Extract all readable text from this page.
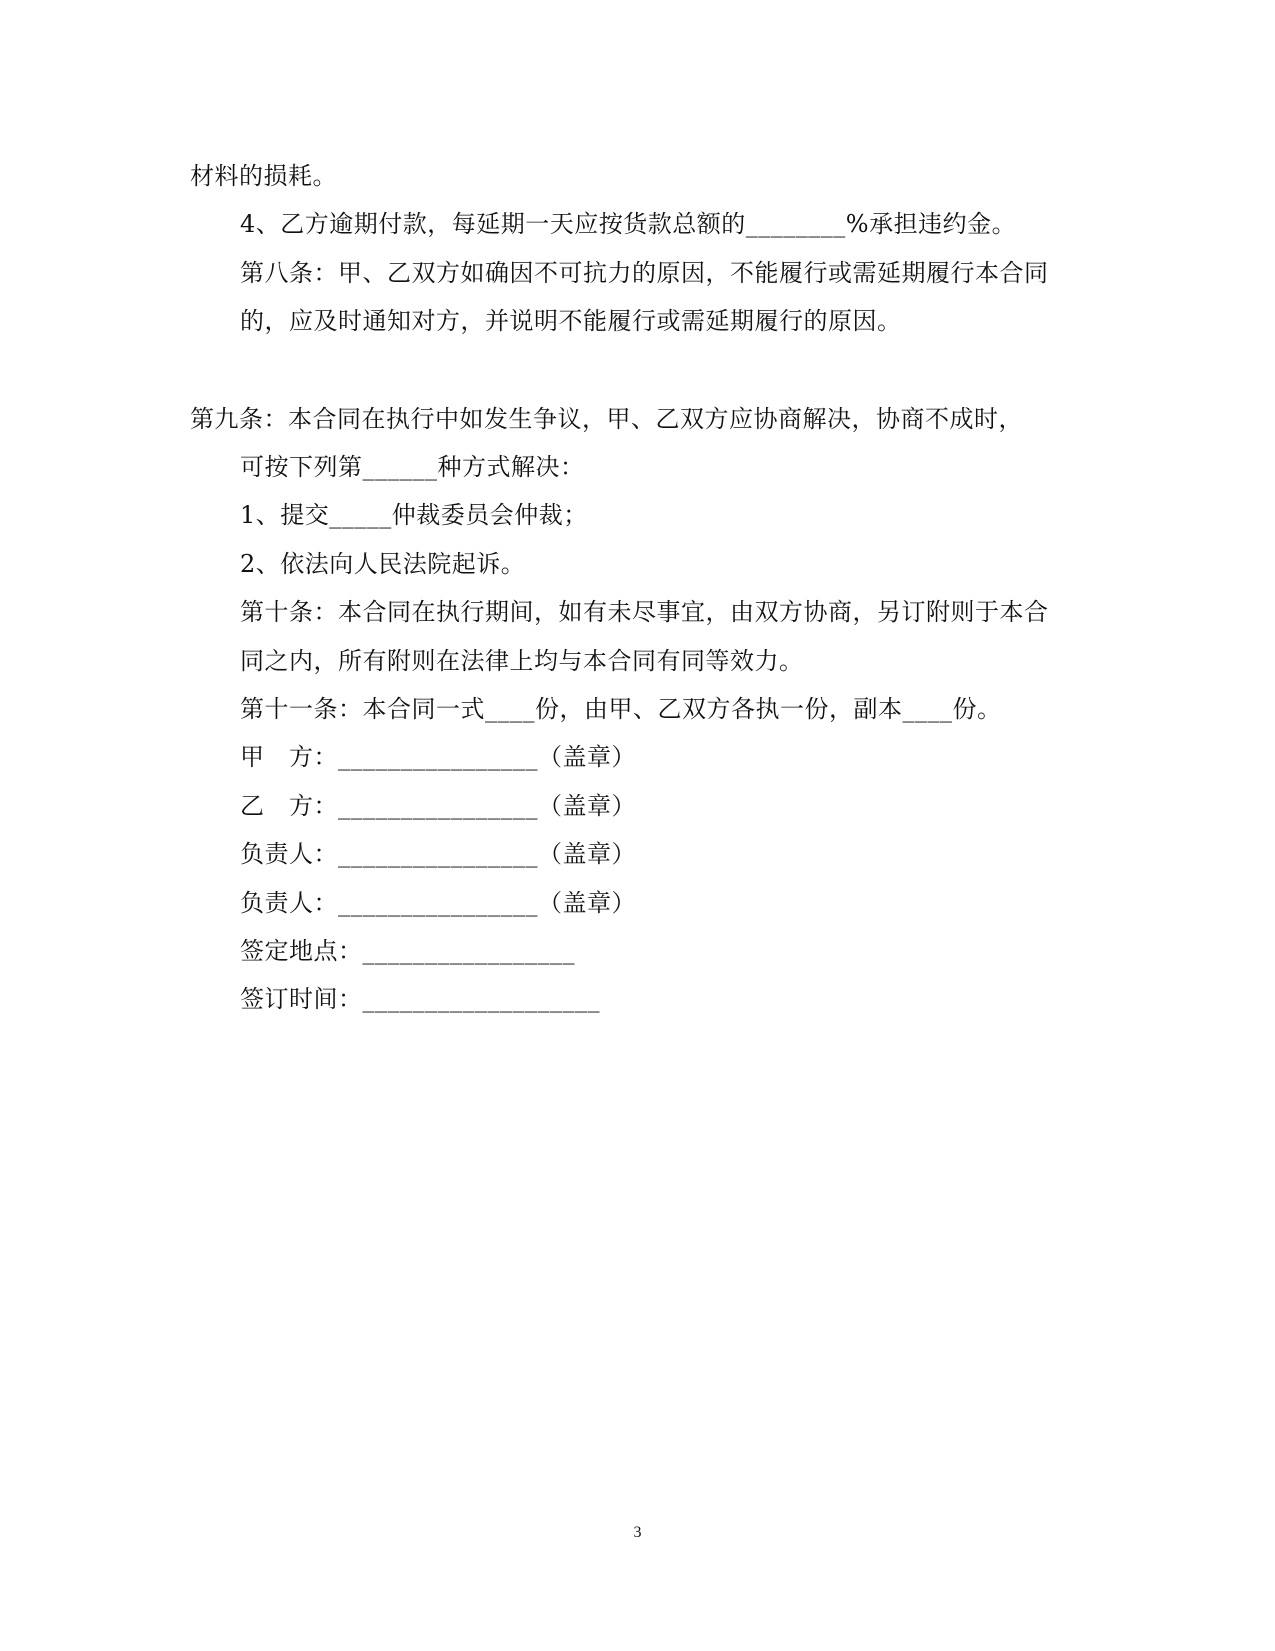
材料的损耗。
4、乙方逾期付款，每延期一天应按货款总额的________%承担违约金。
第八条：甲、乙双方如确因不可抗力的原因，不能履行或需延期履行本合同
的，应及时通知对方，并说明不能履行或需延期履行的原因。
第九条：本合同在执行中如发生争议，甲、乙双方应协商解决，协商不成时，
可按下列第______种方式解决：
1、提交_____仲裁委员会仲裁；
2、依法向人民法院起诉。
第十条：本合同在执行期间，如有未尽事宜，由双方协商，另订附则于本合
同之内，所有附则在法律上均与本合同有同等效力。
第十一条：本合同一式____份，由甲、乙双方各执一份，副本____份。
甲　方：________________（盖章）
乙　方：________________（盖章）
负责人：________________（盖章）
负责人：________________（盖章）
签定地点：_________________
签订时间：___________________
3
